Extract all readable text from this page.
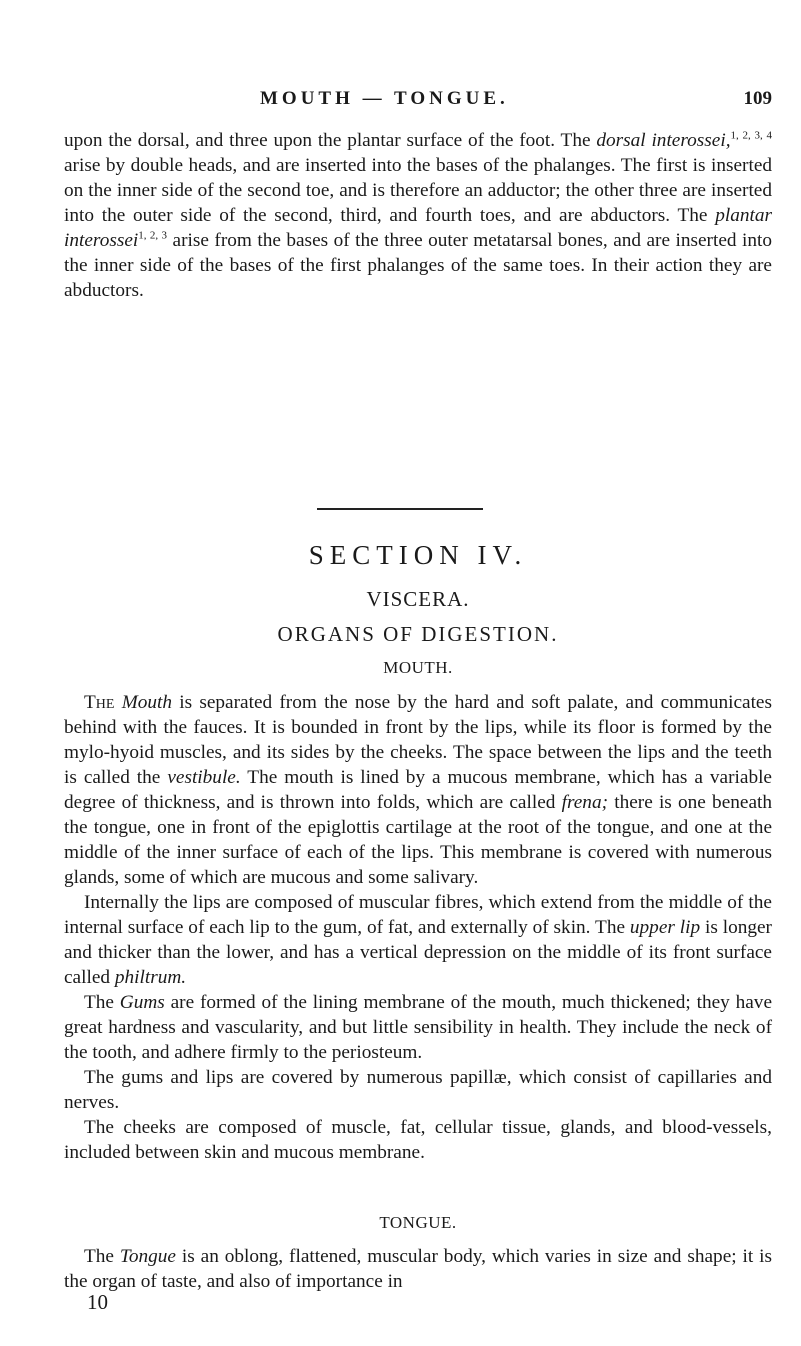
MOUTH — TONGUE.	109

upon the dorsal, and three upon the plantar surface of the foot. The dorsal interossei,$^{1, 2, 3, 4}$ arise by double heads, and are inserted into the bases of the phalanges. The first is inserted on the inner side of the second toe, and is therefore an adductor; the other three are inserted into the outer side of the second, third, and fourth toes, and are abductors. The plantar interossei$^{1, 2, 3}$ arise from the bases of the three outer metatarsal bones, and are inserted into the inner side of the bases of the first phalanges of the same toes. In their action they are abductors.

SECTION IV.
VISCERA.
ORGANS OF DIGESTION.
MOUTH.

The Mouth is separated from the nose by the hard and soft palate, and communicates behind with the fauces. It is bounded in front by the lips, while its floor is formed by the mylo-hyoid muscles, and its sides by the cheeks. The space between the lips and the teeth is called the vestibule. The mouth is lined by a mucous membrane, which has a variable degree of thickness, and is thrown into folds, which are called frena; there is one beneath the tongue, one in front of the epiglottis cartilage at the root of the tongue, and one at the middle of the inner surface of each of the lips. This membrane is covered with numerous glands, some of which are mucous and some salivary.

Internally the lips are composed of muscular fibres, which extend from the middle of the internal surface of each lip to the gum, of fat, and externally of skin. The upper lip is longer and thicker than the lower, and has a vertical depression on the middle of its front surface called philtrum.

The Gums are formed of the lining membrane of the mouth, much thickened; they have great hardness and vascularity, and but little sensibility in health. They include the neck of the tooth, and adhere firmly to the periosteum.

The gums and lips are covered by numerous papillæ, which consist of capillaries and nerves.

The cheeks are composed of muscle, fat, cellular tissue, glands, and blood-vessels, included between skin and mucous membrane.

TONGUE.

The Tongue is an oblong, flattened, muscular body, which varies in size and shape; it is the organ of taste, and also of importance in

10
